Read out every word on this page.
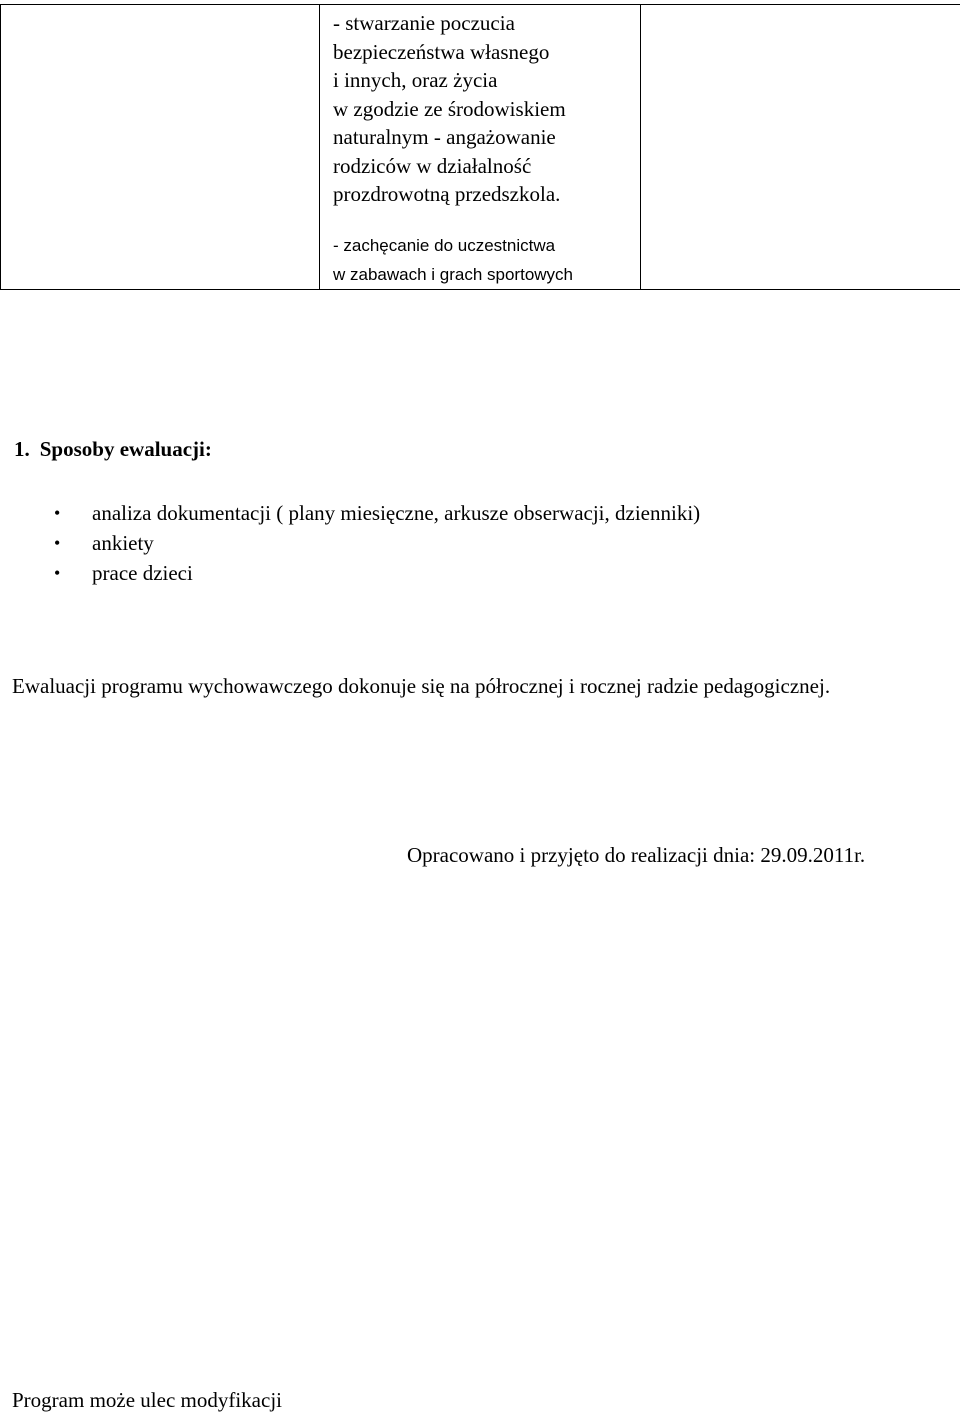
- stwarzanie poczucia
bezpieczeństwa własnego
i innych, oraz życia
w zgodzie ze środowiskiem
naturalnym - angażowanie
rodziców w działalność
prozdrowotną przedszkola.

- zachęcanie do uczestnictwa
w zabawach i grach sportowych

1. Sposoby ewaluacji:
• analiza dokumentacji ( plany miesięczne, arkusze obserwacji, dzienniki)
• ankiety
• prace dzieci

Ewaluacji programu wychowawczego dokonuje się na półrocznej i rocznej radzie pedagogicznej.

Opracowano i przyjęto do realizacji dnia: 29.09.2011r.

Program może ulec modyfikacji
